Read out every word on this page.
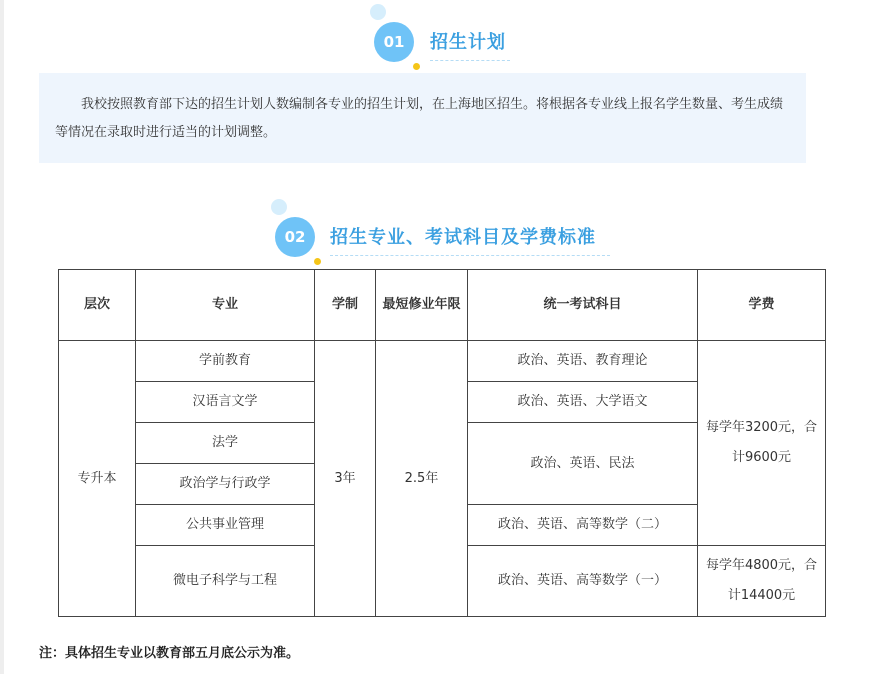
01	招生计划

我校按照教育部下达的招生计划人数编制各专业的招生计划，在上海地区招生。将根据各专业线上报名学生数量、考生成绩等情况在录取时进行适当的计划调整。

02	招生专业、考试科目及学费标准
层次	专业	学制	最短修业年限	统一考试科目	学费
专升本	学前教育	3年	2.5年	政治、英语、教育理论	每学年3200元，合计9600元
	汉语言文学			政治、英语、大学语文	
	法学			政治、英语、民法	
	政治学与行政学				
	公共事业管理			政治、英语、高等数学（二）	
	微电子科学与工程			政治、英语、高等数学（一）	每学年4800元，合计14400元
注：具体招生专业以教育部五月底公示为准。
